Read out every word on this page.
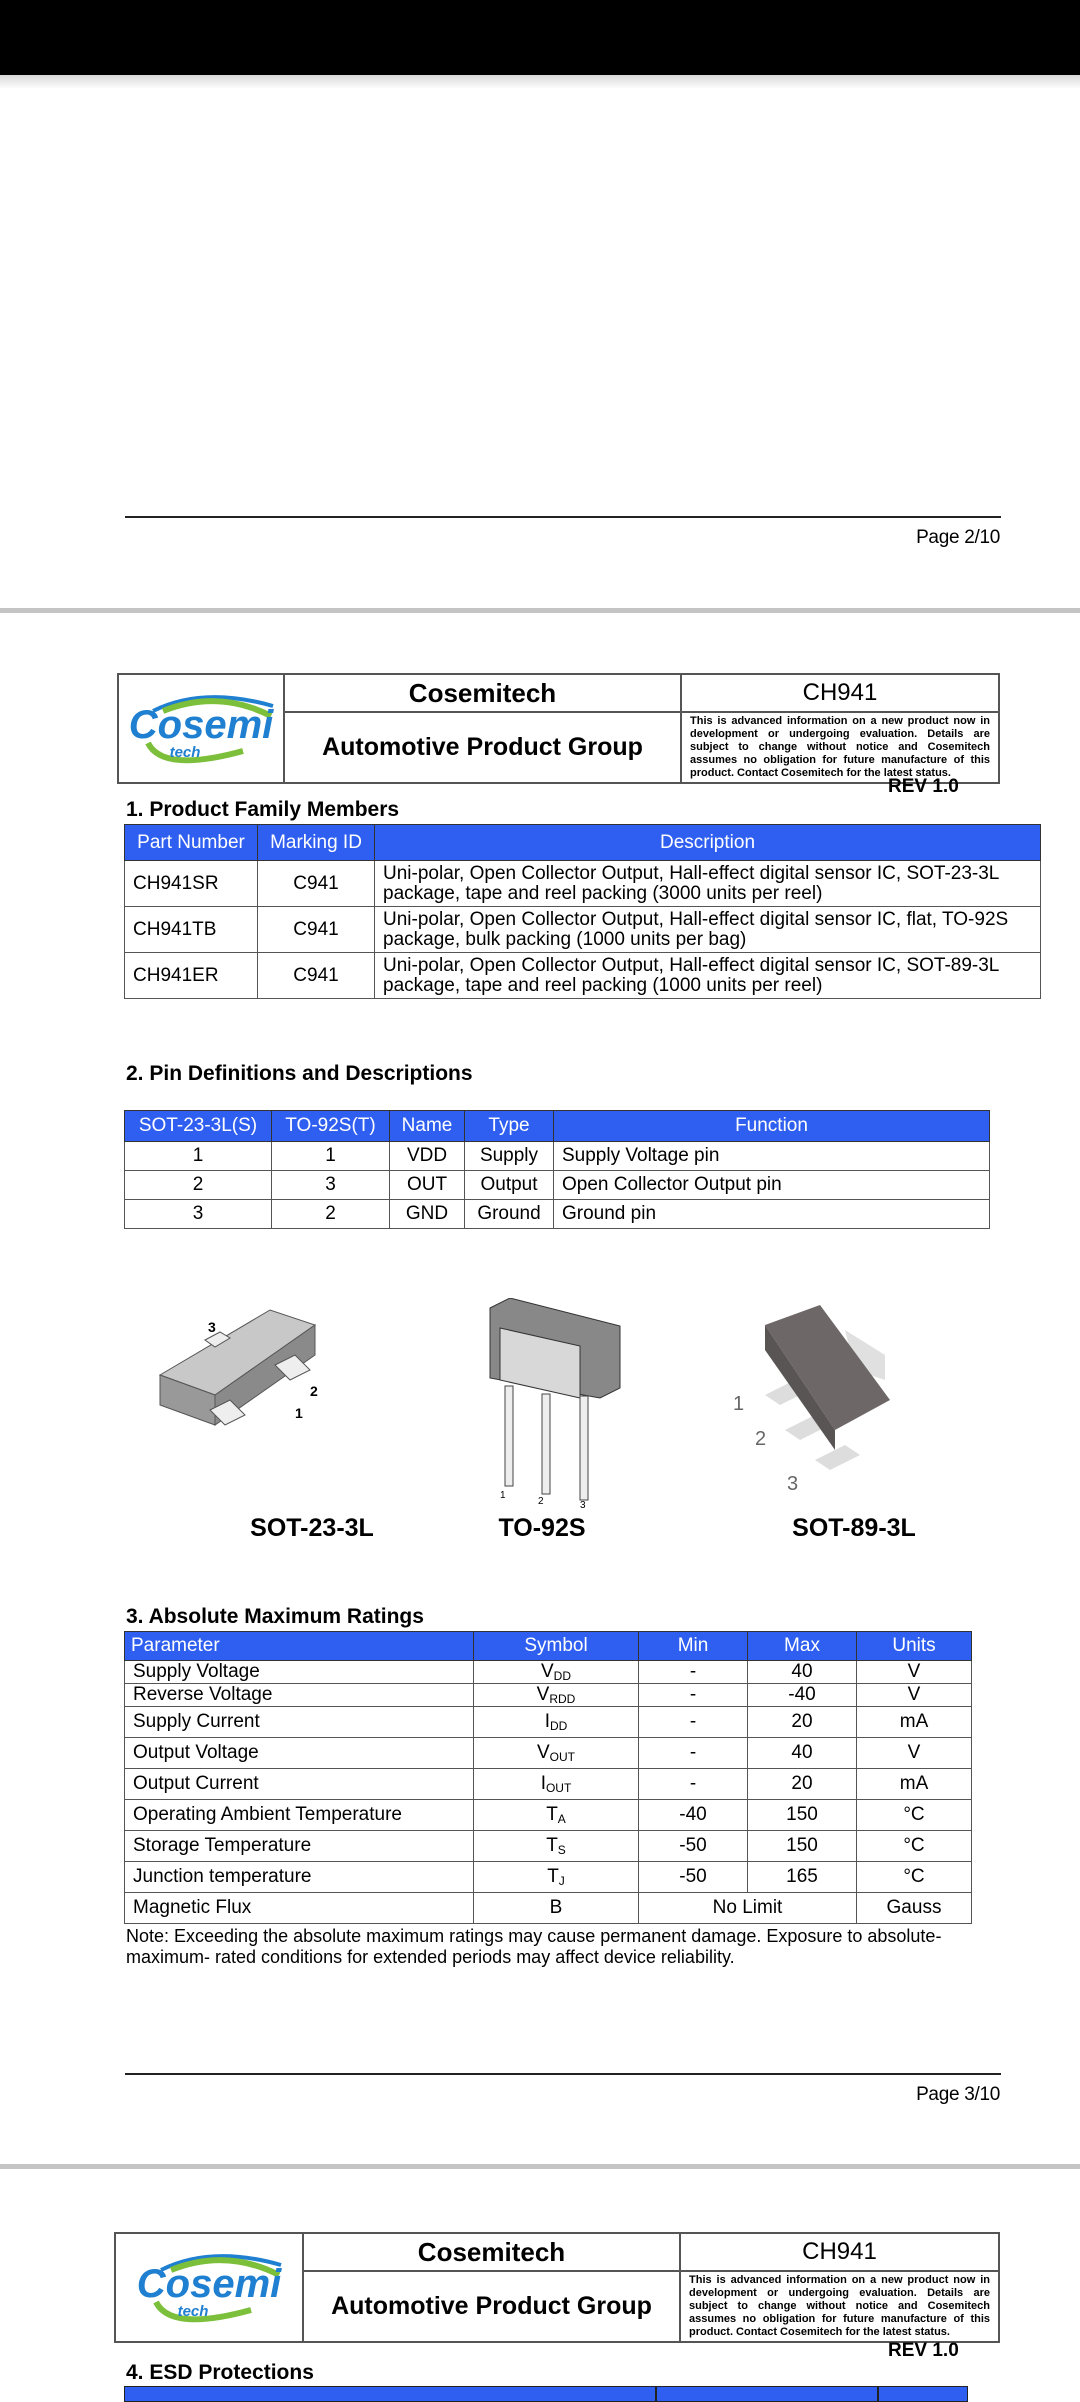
Page 2/10
Cosemi
tech	Cosemitech	CH941
	Automotive Product Group	This is advanced information on a new product now in development or undergoing evaluation. Details are subject to change without notice and Cosemitech assumes no obligation for future manufacture of this product. Contact Cosemitech for the latest status.
REV 1.0
1. Product Family Members
Part Number	Marking ID	Description
CH941SR	C941	Uni-polar, Open Collector Output, Hall-effect digital sensor IC, SOT-23-3L package, tape and reel packing (3000 units per reel)
CH941TB	C941	Uni-polar, Open Collector Output, Hall-effect digital sensor IC, flat, TO-92S package, bulk packing (1000 units per bag)
CH941ER	C941	Uni-polar, Open Collector Output, Hall-effect digital sensor IC, SOT-89-3L package, tape and reel packing (1000 units per reel)
2. Pin Definitions and Descriptions
SOT-23-3L(S)	TO-92S(T)	Name	Type	Function
1	1	VDD	Supply	Supply Voltage pin
2	3	OUT	Output	Open Collector Output pin
3	2	GND	Ground	Ground pin
3
2
1
1
2	3
1
2
3
SOT-23-3L	TO-92S	SOT-89-3L
3. Absolute Maximum Ratings
Parameter	Symbol	Min	Max	Units
Supply Voltage	$V_{DD}$	-	40	V
Reverse Voltage	$V_{RDD}$	-	-40	V
Supply Current	$I_{DD}$	-	20	mA
Output Voltage	$V_{OUT}$	-	40	V
Output Current	$I_{OUT}$	-	20	mA
Operating Ambient Temperature	$T_A$	-40	150	°C
Storage Temperature	$T_S$	-50	150	°C
Junction temperature	$T_J$	-50	165	°C
Magnetic Flux	B	No Limit		Gauss
Note: Exceeding the absolute maximum ratings may cause permanent damage. Exposure to absolute-maximum- rated conditions for extended periods may affect device reliability.
Page 3/10
Cosemi
tech	Cosemitech	CH941
	Automotive Product Group	This is advanced information on a new product now in development or undergoing evaluation. Details are subject to change without notice and Cosemitech assumes no obligation for future manufacture of this product. Contact Cosemitech for the latest status.
REV 1.0
4. ESD Protections
